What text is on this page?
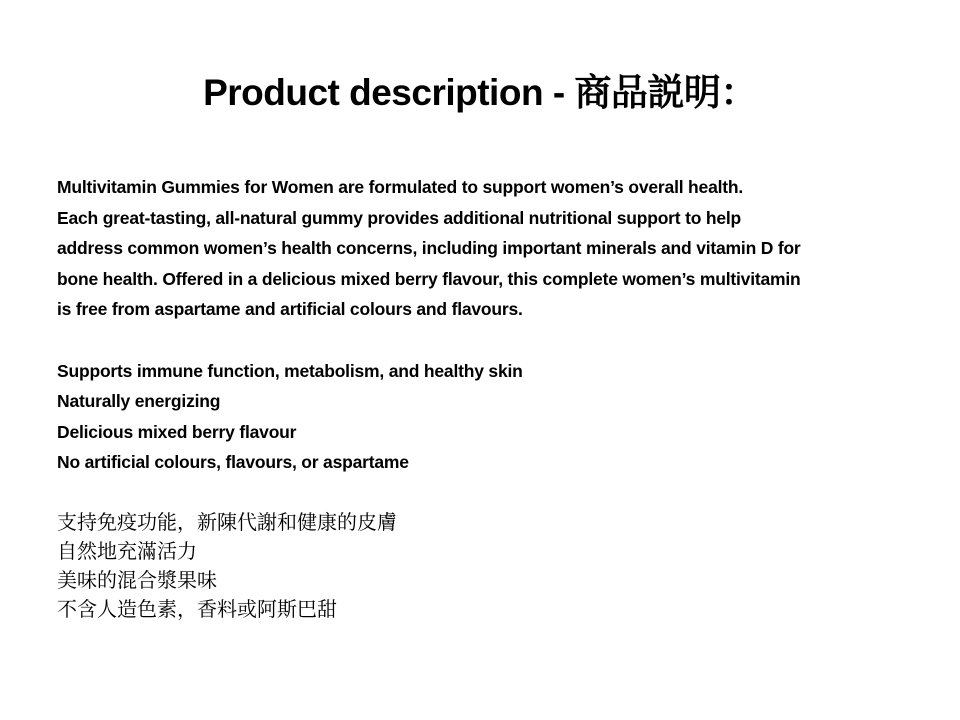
Product description - 商品説明：
Multivitamin Gummies for Women are formulated to support women’s overall health.
Each great-tasting, all-natural gummy provides additional nutritional support to help
address common women’s health concerns, including important minerals and vitamin D for
bone health. Offered in a delicious mixed berry flavour, this complete women’s multivitamin
is free from aspartame and artificial colours and flavours.
Supports immune function, metabolism, and healthy skin
Naturally energizing
Delicious mixed berry flavour
No artificial colours, flavours, or aspartame
支持免疫功能，新陳代謝和健康的皮膚
自然地充滿活力
美味的混合漿果味
不含人造色素，香料或阿斯巴甜
